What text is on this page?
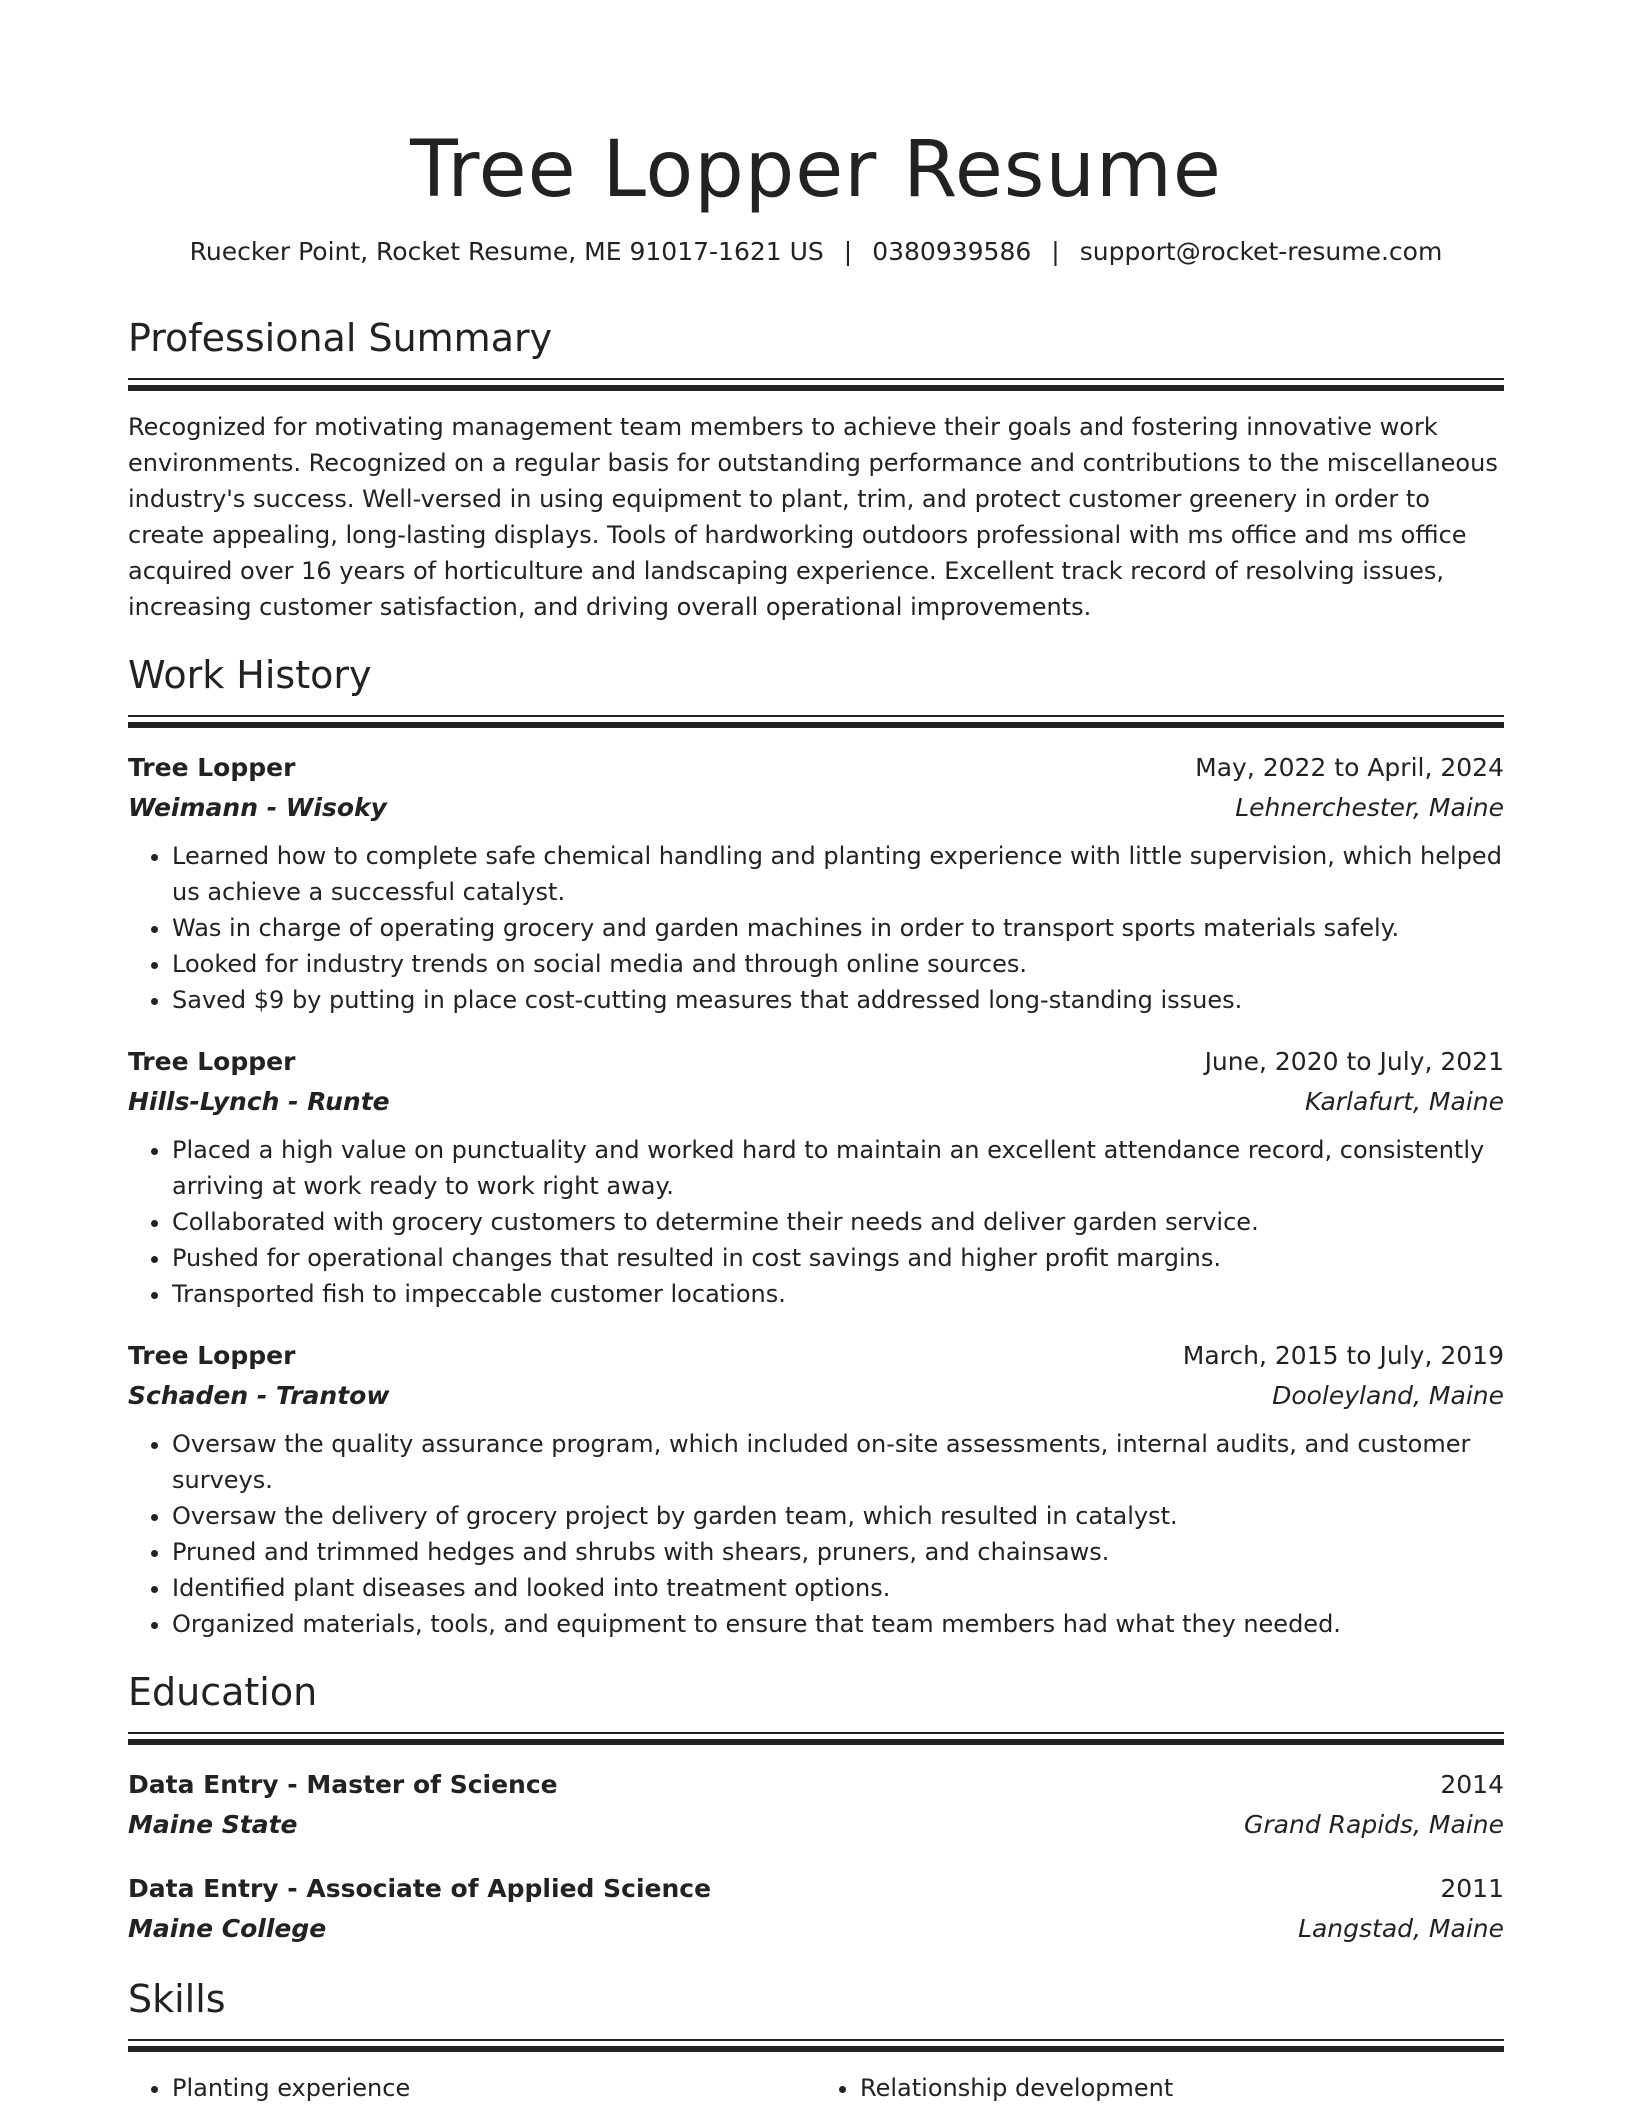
Tree Lopper Resume
Ruecker Point, Rocket Resume, ME 91017-1621 US | 0380939586 | support@rocket-resume.com
Professional Summary

Recognized for motivating management team members to achieve their goals and fostering innovative work environments. Recognized on a regular basis for outstanding performance and contributions to the miscellaneous industry's success. Well-versed in using equipment to plant, trim, and protect customer greenery in order to create appealing, long-lasting displays. Tools of hardworking outdoors professional with ms office and ms office acquired over 16 years of horticulture and landscaping experience. Excellent track record of resolving issues, increasing customer satisfaction, and driving overall operational improvements.

Work History
Tree Lopper	May, 2022 to April, 2024
Weimann - Wisoky	Lehnerchester, Maine
• Learned how to complete safe chemical handling and planting experience with little supervision, which helped us achieve a successful catalyst.
• Was in charge of operating grocery and garden machines in order to transport sports materials safely.
• Looked for industry trends on social media and through online sources.
• Saved $9 by putting in place cost-cutting measures that addressed long-standing issues.
Tree Lopper	June, 2020 to July, 2021
Hills-Lynch - Runte	Karlafurt, Maine
• Placed a high value on punctuality and worked hard to maintain an excellent attendance record, consistently arriving at work ready to work right away.
• Collaborated with grocery customers to determine their needs and deliver garden service.
• Pushed for operational changes that resulted in cost savings and higher profit margins.
• Transported fish to impeccable customer locations.
Tree Lopper	March, 2015 to July, 2019
Schaden - Trantow	Dooleyland, Maine
• Oversaw the quality assurance program, which included on-site assessments, internal audits, and customer surveys.
• Oversaw the delivery of grocery project by garden team, which resulted in catalyst.
• Pruned and trimmed hedges and shrubs with shears, pruners, and chainsaws.
• Identified plant diseases and looked into treatment options.
• Organized materials, tools, and equipment to ensure that team members had what they needed.
Education
Data Entry - Master of Science	2014
Maine State	Grand Rapids, Maine
Data Entry - Associate of Applied Science	2011
Maine College	Langstad, Maine
Skills
• Planting experience
•	Relationship development
